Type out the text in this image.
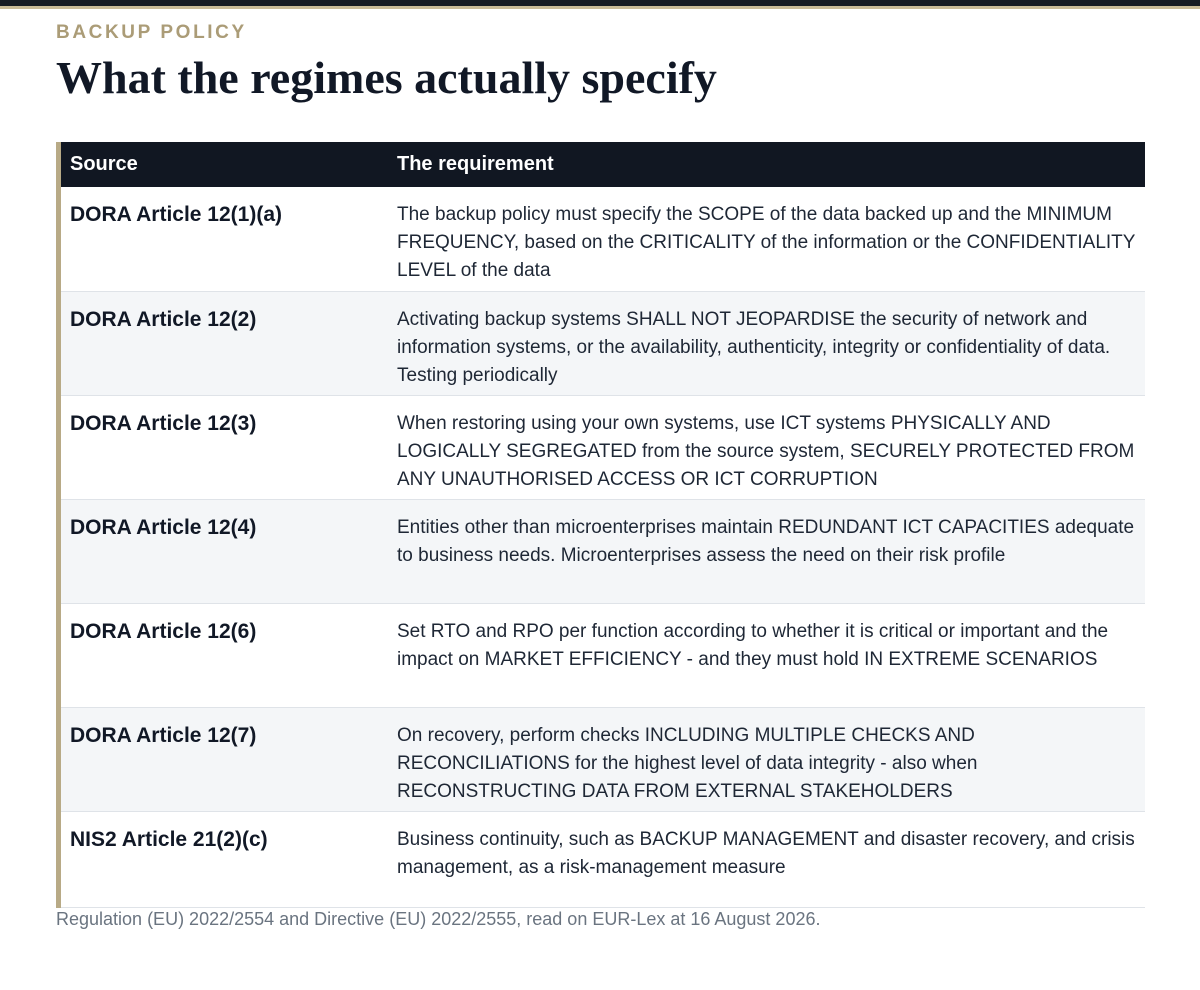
BACKUP POLICY
What the regimes actually specify
Source	The requirement
DORA Article 12(1)(a)	The backup policy must specify the SCOPE of the data backed up and the MINIMUM FREQUENCY, based on the CRITICALITY of the information or the CONFIDENTIALITY LEVEL of the data
DORA Article 12(2)	Activating backup systems SHALL NOT JEOPARDISE the security of network and information systems, or the availability, authenticity, integrity or confidentiality of data. Testing periodically
DORA Article 12(3)	When restoring using your own systems, use ICT systems PHYSICALLY AND LOGICALLY SEGREGATED from the source system, SECURELY PROTECTED FROM ANY UNAUTHORISED ACCESS OR ICT CORRUPTION
DORA Article 12(4)	Entities other than microenterprises maintain REDUNDANT ICT CAPACITIES adequate to business needs. Microenterprises assess the need on their risk profile
DORA Article 12(6)	Set RTO and RPO per function according to whether it is critical or important and the impact on MARKET EFFICIENCY - and they must hold IN EXTREME SCENARIOS
DORA Article 12(7)	On recovery, perform checks INCLUDING MULTIPLE CHECKS AND RECONCILIATIONS for the highest level of data integrity - also when RECONSTRUCTING DATA FROM EXTERNAL STAKEHOLDERS
NIS2 Article 21(2)(c)	Business continuity, such as BACKUP MANAGEMENT and disaster recovery, and crisis management, as a risk-management measure
Regulation (EU) 2022/2554 and Directive (EU) 2022/2555, read on EUR-Lex at 16 August 2026.
